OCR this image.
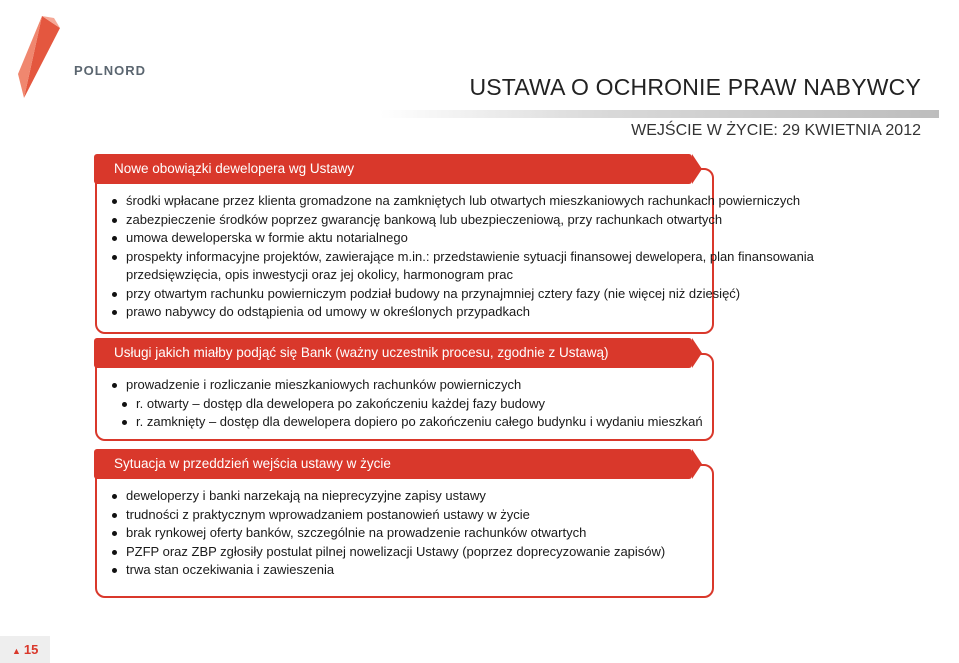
POLNORD
USTAWA O OCHRONIE PRAW NABYWCY
WEJŚCIE W ŻYCIE: 29 KWIETNIA 2012
Nowe obowiązki dewelopera wg Ustawy
środki wpłacane przez klienta gromadzone na zamkniętych lub otwartych mieszkaniowych rachunkach powierniczych
zabezpieczenie środków poprzez gwarancję bankową lub ubezpieczeniową, przy rachunkach otwartych
umowa deweloperska w formie aktu notarialnego
prospekty informacyjne projektów, zawierające m.in.: przedstawienie sytuacji finansowej dewelopera, plan finansowania przedsięwzięcia, opis inwestycji oraz jej okolicy, harmonogram prac
przy otwartym rachunku powierniczym podział budowy na przynajmniej cztery fazy (nie więcej niż dziesięć)
prawo nabywcy do odstąpienia od umowy w określonych przypadkach
Usługi jakich miałby podjąć się Bank (ważny uczestnik procesu, zgodnie z Ustawą)
prowadzenie i rozliczanie mieszkaniowych rachunków powierniczych
r. otwarty – dostęp dla dewelopera po zakończeniu każdej fazy budowy
r. zamknięty – dostęp dla dewelopera dopiero po zakończeniu całego budynku i wydaniu mieszkań
Sytuacja w przeddzień wejścia ustawy w życie
deweloperzy i banki narzekają na nieprecyzyjne zapisy ustawy
trudności z praktycznym wprowadzaniem postanowień ustawy w życie
brak rynkowej oferty banków, szczególnie na prowadzenie rachunków otwartych
PZFP oraz ZBP zgłosiły postulat pilnej nowelizacji Ustawy (poprzez doprecyzowanie zapisów)
trwa stan oczekiwania i zawieszenia
▲ 15
